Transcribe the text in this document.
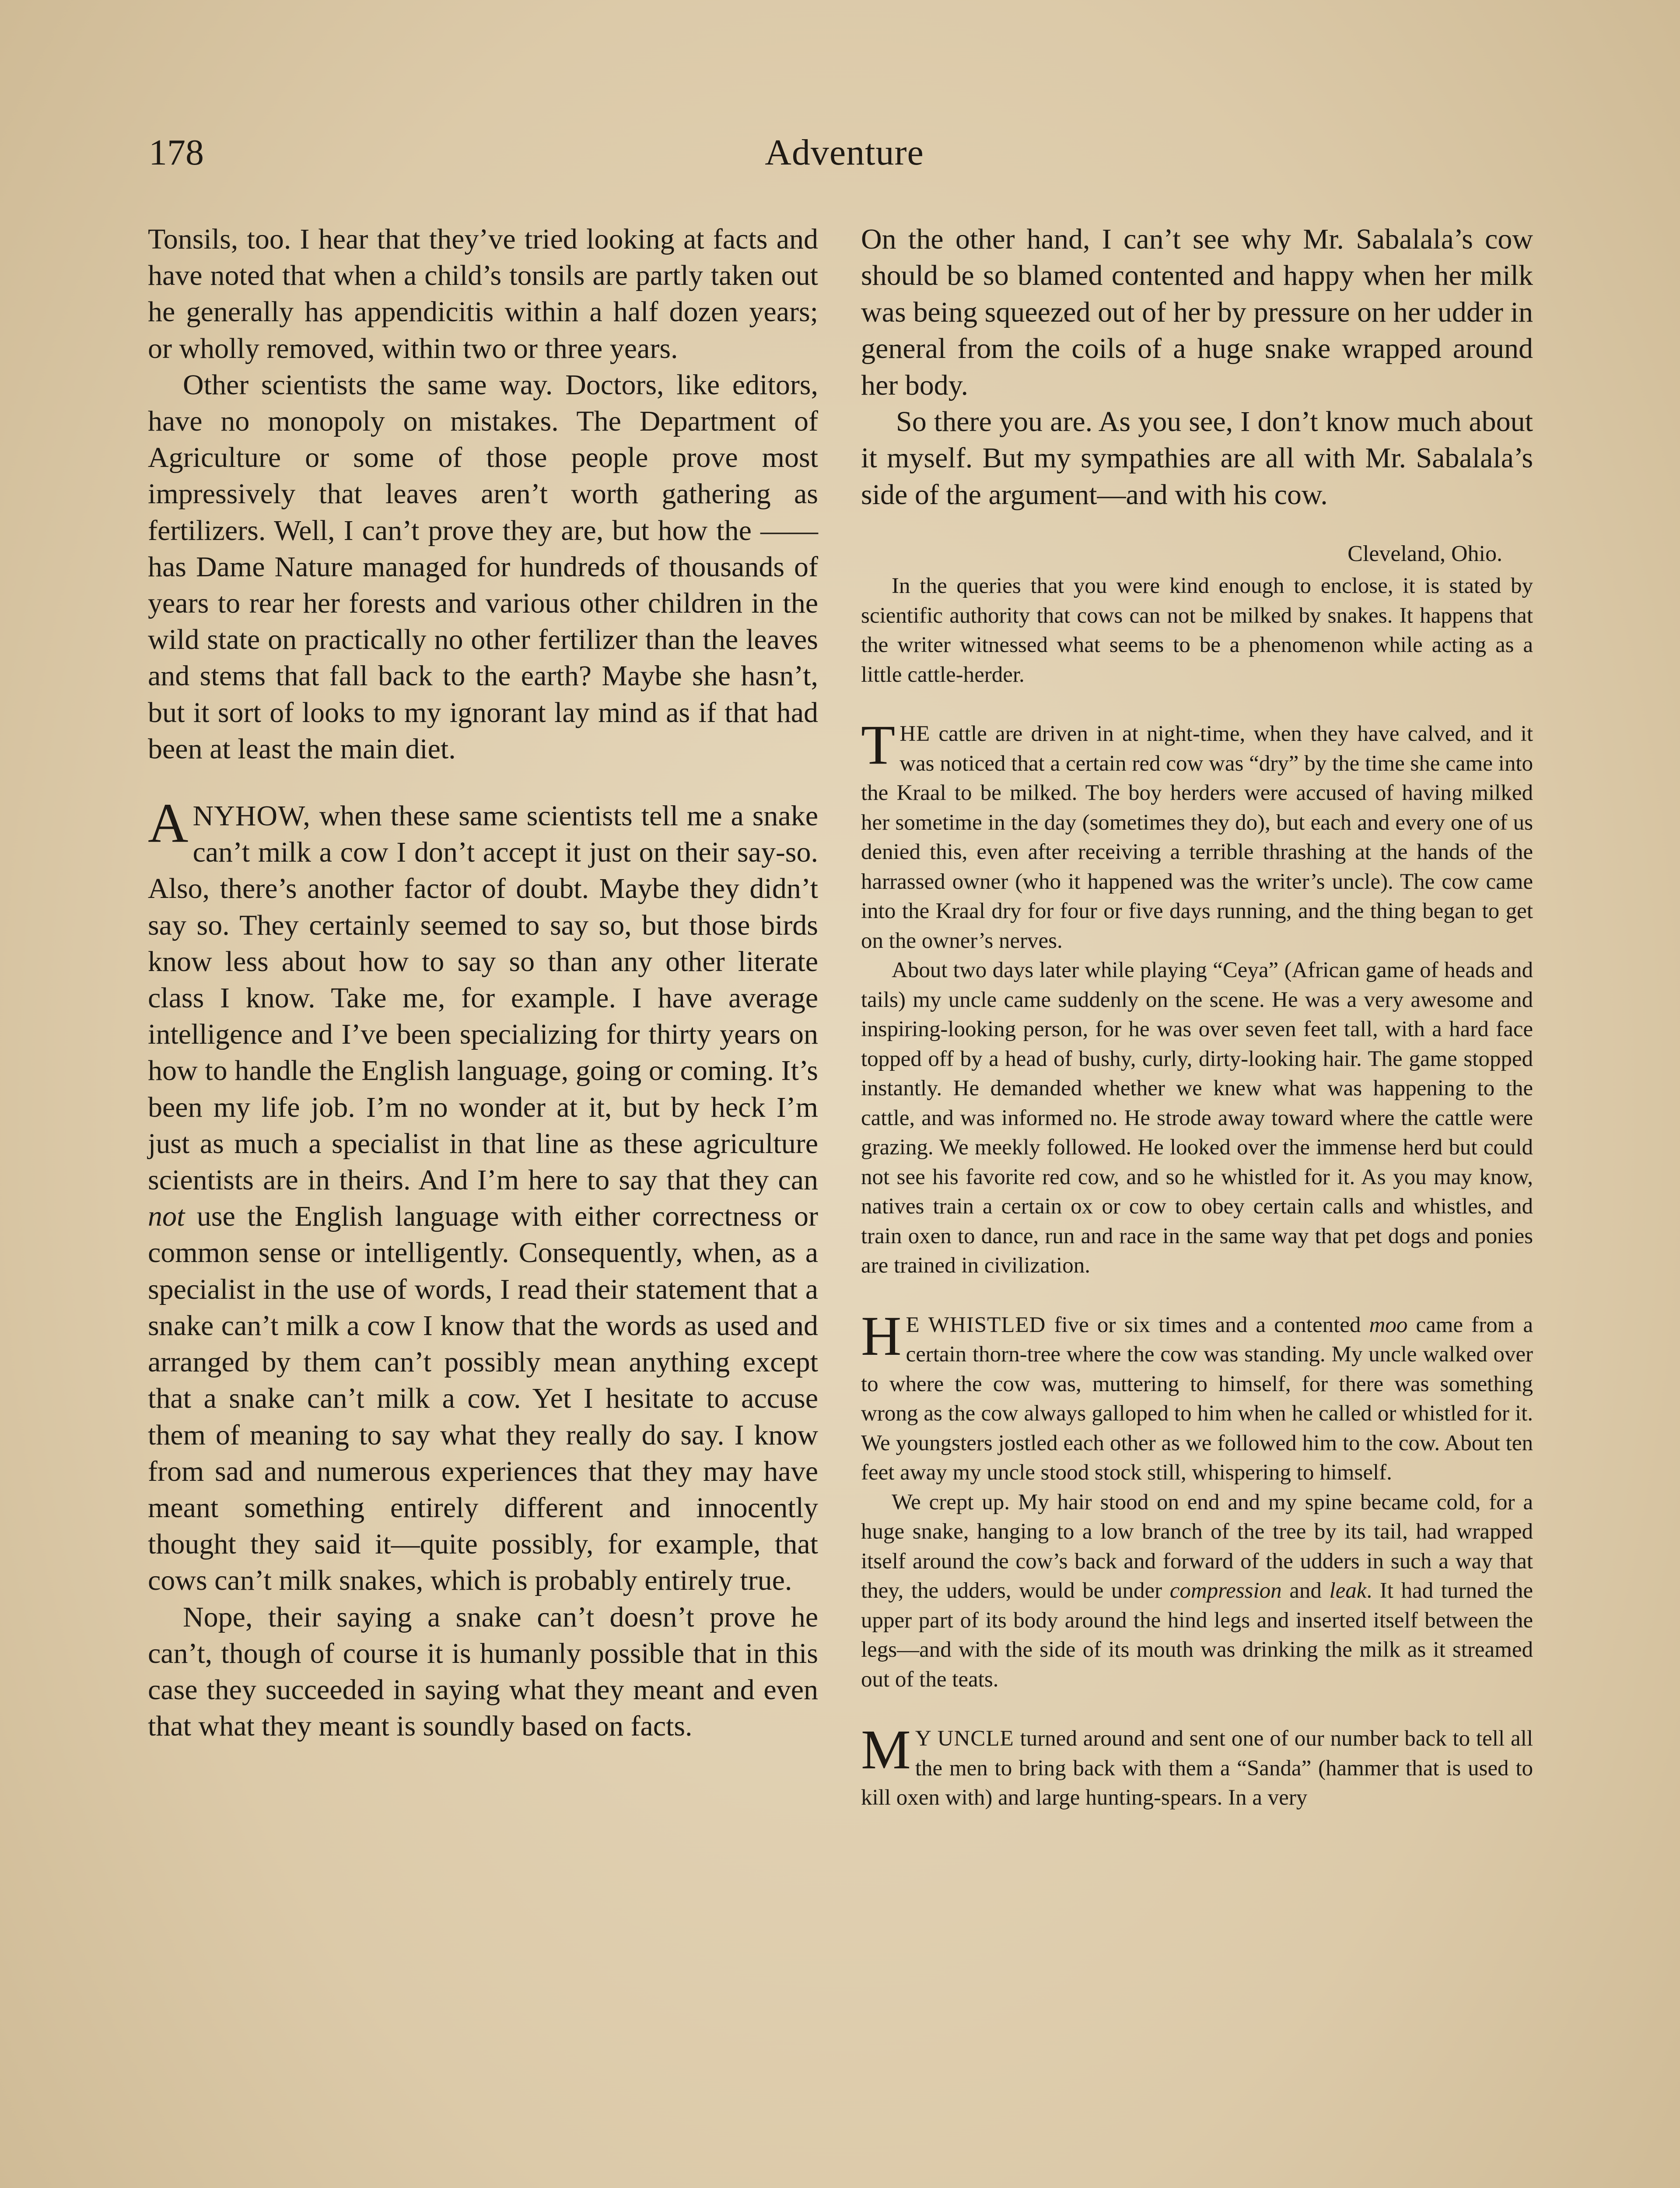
178	Adventure

Tonsils, too. I hear that they’ve tried looking at facts and have noted that when a child’s tonsils are partly taken out he generally has appendicitis within a half dozen years; or wholly removed, within two or three years.

Other scientists the same way. Doctors, like editors, have no monopoly on mistakes. The Department of Agriculture or some of those people prove most impressively that leaves aren’t worth gathering as fertilizers. Well, I can’t prove they are, but how the —— has Dame Nature managed for hundreds of thousands of years to rear her forests and various other children in the wild state on practically no other fertilizer than the leaves and stems that fall back to the earth? Maybe she hasn’t, but it sort of looks to my ignorant lay mind as if that had been at least the main diet.

ANYHOW, when these same scientists tell me a snake can’t milk a cow I don’t accept it just on their say-so. Also, there’s another factor of doubt. Maybe they didn’t say so. They certainly seemed to say so, but those birds know less about how to say so than any other literate class I know. Take me, for example. I have average intelligence and I’ve been specializing for thirty years on how to handle the English language, going or coming. It’s been my life job. I’m no wonder at it, but by heck I’m just as much a specialist in that line as these agriculture scientists are in theirs. And I’m here to say that they can not use the English language with either correctness or common sense or intelligently. Consequently, when, as a specialist in the use of words, I read their statement that a snake can’t milk a cow I know that the words as used and arranged by them can’t possibly mean anything except that a snake can’t milk a cow. Yet I hesitate to accuse them of meaning to say what they really do say. I know from sad and numerous experiences that they may have meant something entirely different and innocently thought they said it—quite possibly, for example, that cows can’t milk snakes, which is probably entirely true.

Nope, their saying a snake can’t doesn’t prove he can’t, though of course it is humanly possible that in this case they succeeded in saying what they meant and even that what they meant is soundly based on facts.

On the other hand, I can’t see why Mr. Sabalala’s cow should be so blamed contented and happy when her milk was being squeezed out of her by pressure on her udder in general from the coils of a huge snake wrapped around her body.

So there you are. As you see, I don’t know much about it myself. But my sympathies are all with Mr. Sabalala’s side of the argument—and with his cow.

Cleveland, Ohio.

In the queries that you were kind enough to enclose, it is stated by scientific authority that cows can not be milked by snakes. It happens that the writer witnessed what seems to be a phenomenon while acting as a little cattle-herder.

THE cattle are driven in at night-time, when they have calved, and it was noticed that a certain red cow was “dry” by the time she came into the Kraal to be milked. The boy herders were accused of having milked her sometime in the day (sometimes they do), but each and every one of us denied this, even after receiving a terrible thrashing at the hands of the harrassed owner (who it happened was the writer’s uncle). The cow came into the Kraal dry for four or five days running, and the thing began to get on the owner’s nerves.

About two days later while playing “Ceya” (African game of heads and tails) my uncle came suddenly on the scene. He was a very awesome and inspiring-looking person, for he was over seven feet tall, with a hard face topped off by a head of bushy, curly, dirty-looking hair. The game stopped instantly. He demanded whether we knew what was happening to the cattle, and was informed no. He strode away toward where the cattle were grazing. We meekly followed. He looked over the immense herd but could not see his favorite red cow, and so he whistled for it. As you may know, natives train a certain ox or cow to obey certain calls and whistles, and train oxen to dance, run and race in the same way that pet dogs and ponies are trained in civilization.

H E WHISTLED five or six times and a contented moo came from a certain thorn-tree where the cow was standing. My uncle walked over to where the cow was, muttering to himself, for there was something wrong as the cow always galloped to him when he called or whistled for it. We youngsters jostled each other as we followed him to the cow. About ten feet away my uncle stood stock still, whispering to himself.

We crept up. My hair stood on end and my spine became cold, for a huge snake, hanging to a low branch of the tree by its tail, had wrapped itself around the cow’s back and forward of the udders in such a way that they, the udders, would be under compression and leak. It had turned the upper part of its body around the hind legs and inserted itself between the legs—and with the side of its mouth was drinking the milk as it streamed out of the teats.

M Y UNCLE turned around and sent one of our number back to tell all the men to bring back with them a “Sanda” (hammer that is used to kill oxen with) and large hunting-spears. In a very
